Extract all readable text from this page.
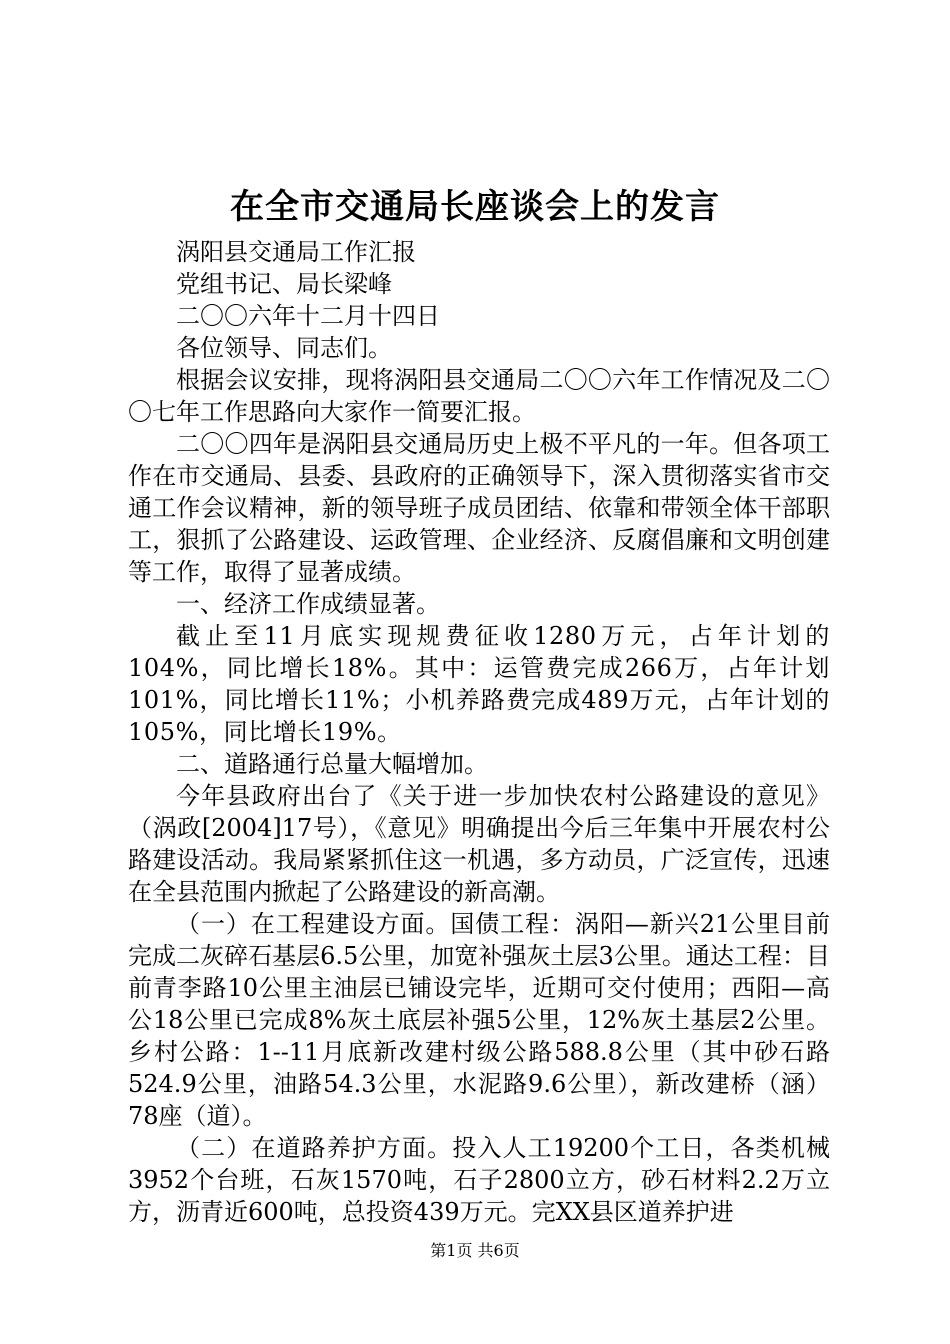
在全市交通局长座谈会上的发言

涡阳县交通局工作汇报

党组书记、局长梁峰

二〇〇六年十二月十四日

各位领导、同志们。

根据会议安排，现将涡阳县交通局二〇〇六年工作情况及二〇〇七年工作思路向大家作一简要汇报。

二〇〇四年是涡阳县交通局历史上极不平凡的一年。但各项工作在市交通局、县委、县政府的正确领导下，深入贯彻落实省市交通工作会议精神，新的领导班子成员团结、依靠和带领全体干部职工，狠抓了公路建设、运政管理、企业经济、反腐倡廉和文明创建等工作，取得了显著成绩。

一、经济工作成绩显著。

截止至11月底实现规费征收1280万元，占年计划的104%，同比增长18%。其中：运管费完成266万，占年计划101%，同比增长11%；小机养路费完成489万元，占年计划的105%，同比增长19%。

二、道路通行总量大幅增加。

今年县政府出台了《关于进一步加快农村公路建设的意见》（涡政[2004]17号），《意见》明确提出今后三年集中开展农村公路建设活动。我局紧紧抓住这一机遇，多方动员，广泛宣传，迅速在全县范围内掀起了公路建设的新高潮。

（一）在工程建设方面。国债工程：涡阳—新兴21公里目前完成二灰碎石基层6.5公里，加宽补强灰土层3公里。通达工程：目前青李路10公里主油层已铺设完毕，近期可交付使用；西阳—高公18公里已完成8%灰土底层补强5公里，12%灰土基层2公里。乡村公路：1--11月底新改建村级公路588.8公里（其中砂石路524.9公里，油路54.3公里，水泥路9.6公里），新改建桥（涵）78座（道）。

（二）在道路养护方面。投入人工19200个工日，各类机械3952个台班，石灰1570吨，石子2800立方，砂石材料2.2万立方，沥青近600吨，总投资439万元。完XX县区道养护进

第1页 共6页
